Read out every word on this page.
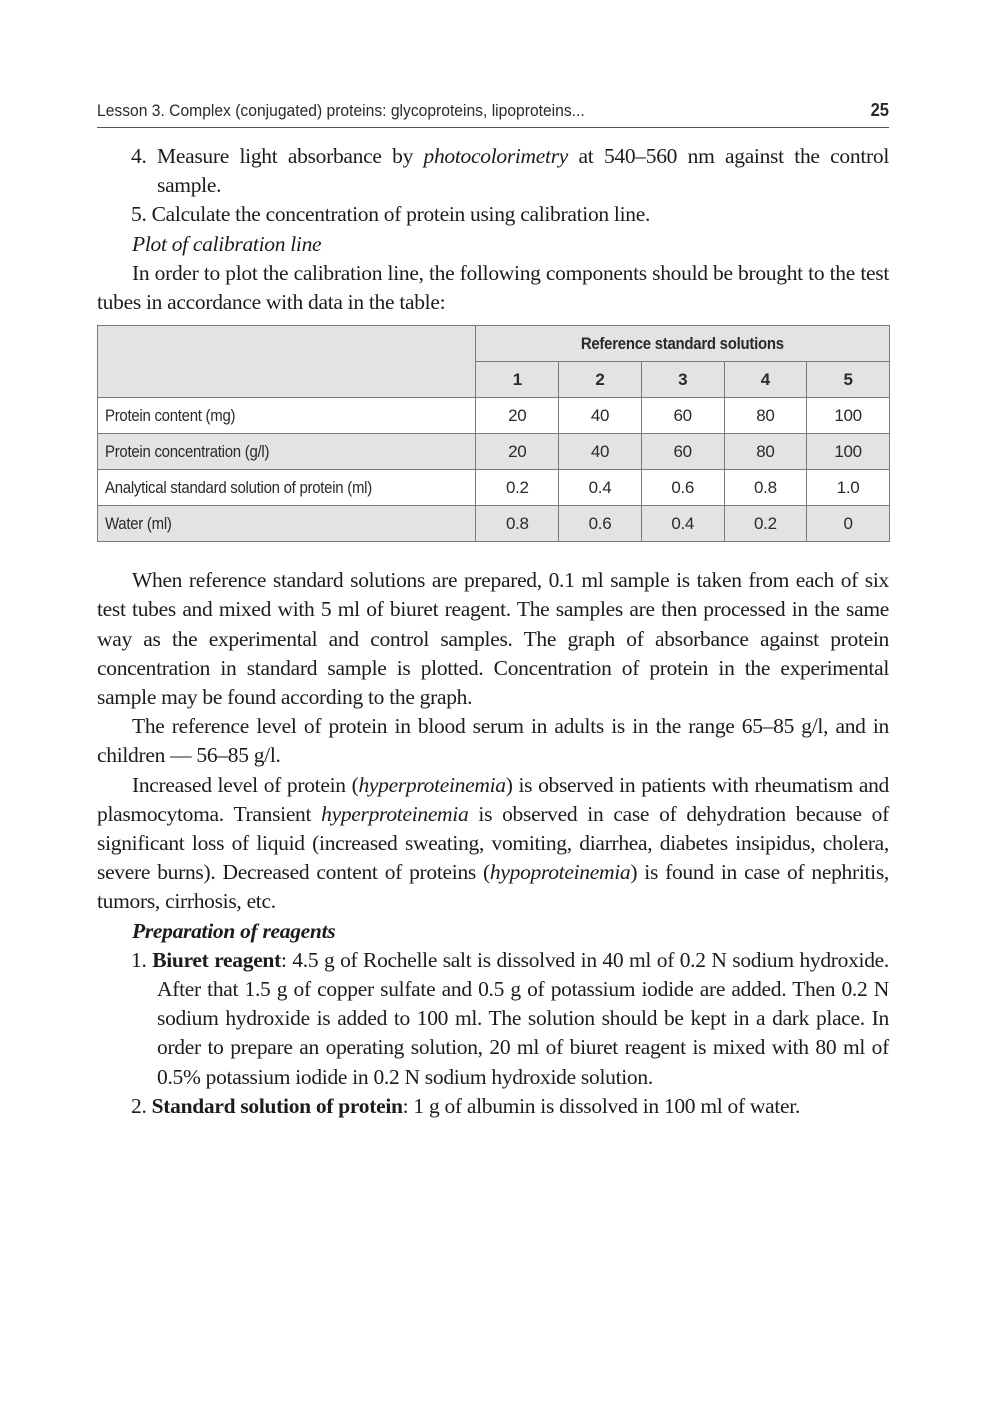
Lesson 3. Complex (conjugated) proteins: glycoproteins, lipoproteins...	25

4. Measure light absorbance by photocolorimetry at 540–560 nm against the control sample.

5. Calculate the concentration of protein using calibration line.

Plot of calibration line

In order to plot the calibration line, the following components should be brought to the test tubes in accordance with data in the table:

	Reference standard solutions				
	1	2	3	4	5
Protein content (mg)	20	40	60	80	100
Protein concentration (g/l)	20	40	60	80	100
Analytical standard solution of protein (ml)	0.2	0.4	0.6	0.8	1.0
Water (ml)	0.8	0.6	0.4	0.2	0

When reference standard solutions are prepared, 0.1 ml sample is taken from each of six test tubes and mixed with 5 ml of biuret reagent. The samples are then processed in the same way as the experimental and control samples. The graph of absorbance against protein concentration in standard sample is plotted. Concentration of protein in the experimental sample may be found according to the graph.

The reference level of protein in blood serum in adults is in the range 65–85 g/l, and in children — 56–85 g/l.

Increased level of protein (hyperproteinemia) is observed in patients with rheumatism and plasmocytoma. Transient hyperproteinemia is observed in case of dehydration because of significant loss of liquid (increased sweating, vomiting, diarrhea, diabetes insipidus, cholera, severe burns). Decreased content of proteins (hypoproteinemia) is found in case of nephritis, tumors, cirrhosis, etc.

Preparation of reagents

1. Biuret reagent: 4.5 g of Rochelle salt is dissolved in 40 ml of 0.2 N sodium hydroxide. After that 1.5 g of copper sulfate and 0.5 g of potassium iodide are added. Then 0.2 N sodium hydroxide is added to 100 ml. The solution should be kept in a dark place. In order to prepare an operating solution, 20 ml of biuret reagent is mixed with 80 ml of 0.5% potassium iodide in 0.2 N sodium hydroxide solution.

2. Standard solution of protein: 1 g of albumin is dissolved in 100 ml of water.
